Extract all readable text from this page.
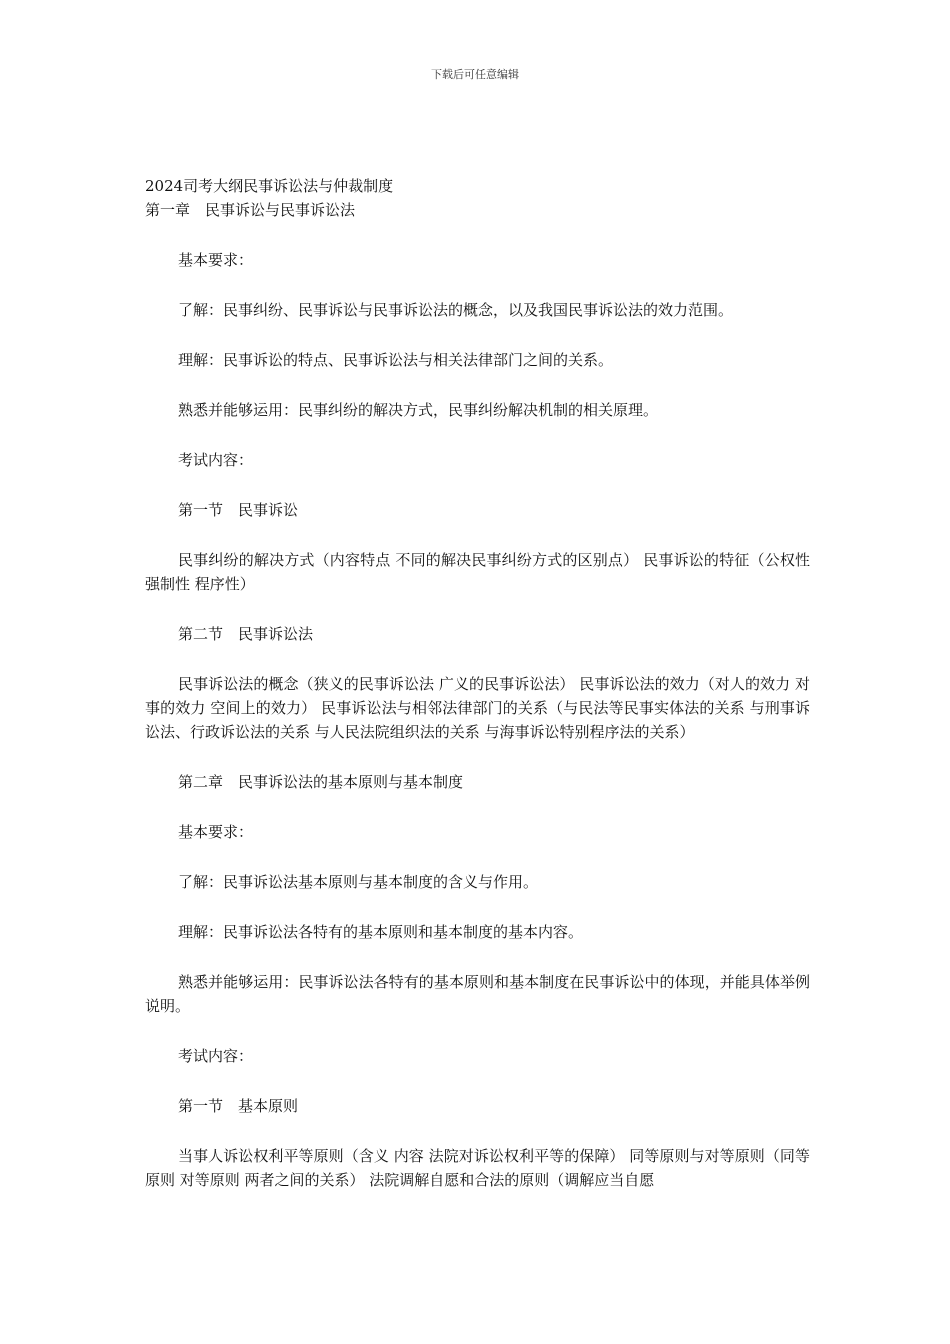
下载后可任意编辑
2024司考大纲民事诉讼法与仲裁制度
第一章　民事诉讼与民事诉讼法

基本要求：

了解：民事纠纷、民事诉讼与民事诉讼法的概念，以及我国民事诉讼法的效力范围。

理解：民事诉讼的特点、民事诉讼法与相关法律部门之间的关系。

熟悉并能够运用：民事纠纷的解决方式，民事纠纷解决机制的相关原理。

考试内容：

第一节　民事诉讼

民事纠纷的解决方式（内容特点 不同的解决民事纠纷方式的区别点） 民事诉讼的特征（公权性 强制性 程序性）

第二节　民事诉讼法

民事诉讼法的概念（狭义的民事诉讼法 广义的民事诉讼法） 民事诉讼法的效力（对人的效力 对事的效力 空间上的效力） 民事诉讼法与相邻法律部门的关系（与民法等民事实体法的关系 与刑事诉讼法、行政诉讼法的关系 与人民法院组织法的关系 与海事诉讼特别程序法的关系）

第二章　民事诉讼法的基本原则与基本制度

基本要求：

了解：民事诉讼法基本原则与基本制度的含义与作用。

理解：民事诉讼法各特有的基本原则和基本制度的基本内容。

熟悉并能够运用：民事诉讼法各特有的基本原则和基本制度在民事诉讼中的体现，并能具体举例说明。

考试内容：

第一节　基本原则

当事人诉讼权利平等原则（含义 内容 法院对诉讼权利平等的保障） 同等原则与对等原则（同等原则 对等原则 两者之间的关系） 法院调解自愿和合法的原则（调解应当自愿
